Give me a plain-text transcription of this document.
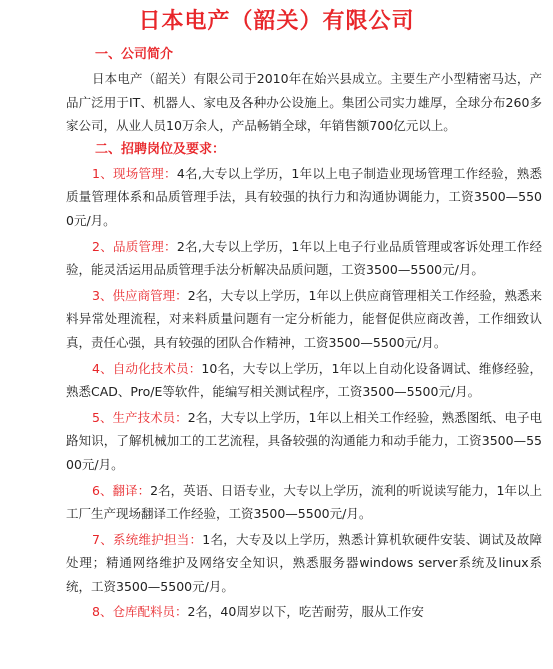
日本电产（韶关）有限公司
一、公司简介

日本电产（韶关）有限公司于2010年在始兴县成立。主要生产小型精密马达，产品广泛用于IT、机器人、家电及各种办公设施上。集团公司实力雄厚，全球分布260多家公司，从业人员10万余人，产品畅销全球，年销售额700亿元以上。

二、招聘岗位及要求：

1、现场管理：4名,大专以上学历，1年以上电子制造业现场管理工作经验，熟悉质量管理体系和品质管理手法，具有较强的执行力和沟通协调能力，工资3500—5500元/月。

2、品质管理：2名,大专以上学历，1年以上电子行业品质管理或客诉处理工作经验，能灵活运用品质管理手法分析解决品质问题，工资3500—5500元/月。

3、供应商管理：2名，大专以上学历，1年以上供应商管理相关工作经验，熟悉来料异常处理流程，对来料质量问题有一定分析能力，能督促供应商改善，工作细致认真，责任心强，具有较强的团队合作精神，工资3500—5500元/月。

4、自动化技术员：10名，大专以上学历，1年以上自动化设备调试、维修经验，熟悉CAD、Pro/E等软件，能编写相关测试程序，工资3500—5500元/月。

5、生产技术员：2名，大专以上学历，1年以上相关工作经验，熟悉图纸、电子电路知识，了解机械加工的工艺流程，具备较强的沟通能力和动手能力，工资3500—5500元/月。

6、翻译：2名，英语、日语专业，大专以上学历，流利的听说读写能力，1年以上工厂生产现场翻译工作经验，工资3500—5500元/月。

7、系统维护担当：1名，大专及以上学历，熟悉计算机软硬件安装、调试及故障处理；精通网络维护及网络安全知识，熟悉服务器windows server系统及linux系统，工资3500—5500元/月。

8、仓库配料员：2名，40周岁以下，吃苦耐劳，服从工作安
